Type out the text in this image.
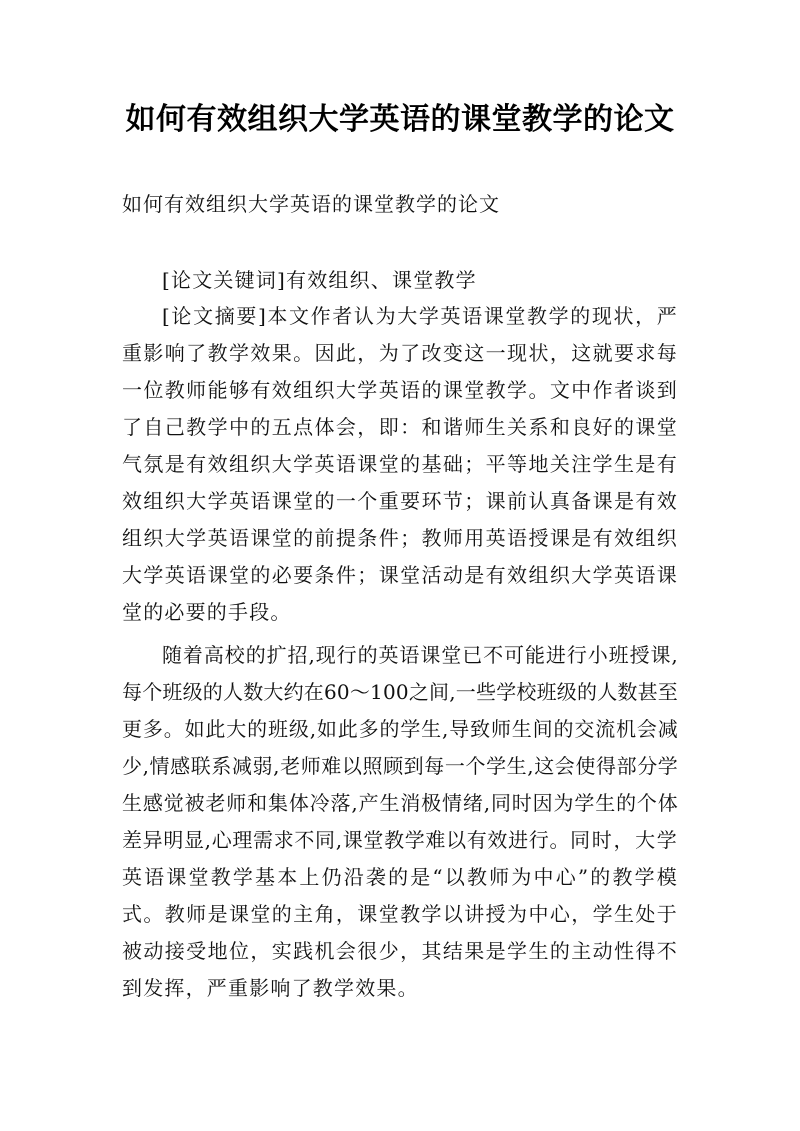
如何有效组织大学英语的课堂教学的论文
如何有效组织大学英语的课堂教学的论文
[论文关键词]有效组织、课堂教学
[论文摘要]本文作者认为大学英语课堂教学的现状，严重影响了教学效果。因此，为了改变这一现状，这就要求每一位教师能够有效组织大学英语的课堂教学。文中作者谈到了自己教学中的五点体会，即：和谐师生关系和良好的课堂气氛是有效组织大学英语课堂的基础；平等地关注学生是有效组织大学英语课堂的一个重要环节；课前认真备课是有效组织大学英语课堂的前提条件；教师用英语授课是有效组织大学英语课堂的必要条件；课堂活动是有效组织大学英语课堂的必要的手段。
随着高校的扩招,现行的英语课堂已不可能进行小班授课,每个班级的人数大约在60～100之间,一些学校班级的人数甚至更多。如此大的班级,如此多的学生,导致师生间的交流机会减少,情感联系减弱,老师难以照顾到每一个学生,这会使得部分学生感觉被老师和集体冷落,产生消极情绪,同时因为学生的个体差异明显,心理需求不同,课堂教学难以有效进行。同时，大学英语课堂教学基本上仍沿袭的是“以教师为中心”的教学模式。教师是课堂的主角，课堂教学以讲授为中心，学生处于被动接受地位，实践机会很少，其结果是学生的主动性得不到发挥，严重影响了教学效果。
